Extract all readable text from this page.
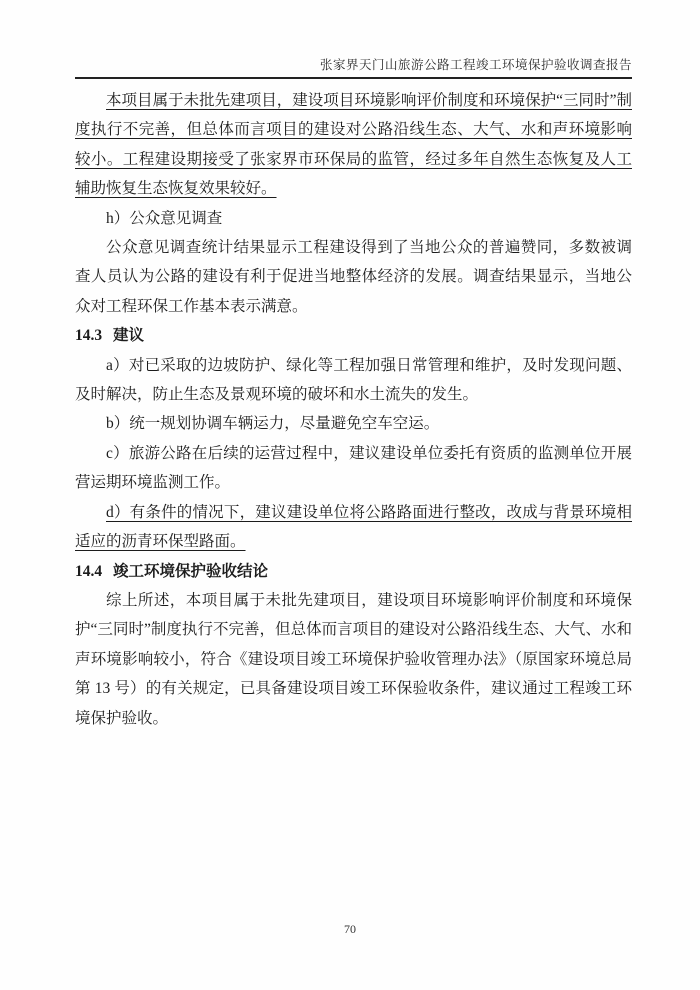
张家界天门山旅游公路工程竣工环境保护验收调查报告

本项目属于未批先建项目，建设项目环境影响评价制度和环境保护“三同时”制度执行不完善，但总体而言项目的建设对公路沿线生态、大气、水和声环境影响较小。工程建设期接受了张家界市环保局的监管，经过多年自然生态恢复及人工辅助恢复生态恢复效果较好。

h）公众意见调查

公众意见调查统计结果显示工程建设得到了当地公众的普遍赞同，多数被调查人员认为公路的建设有利于促进当地整体经济的发展。调查结果显示，当地公众对工程环保工作基本表示满意。

14.3 建议

a）对已采取的边坡防护、绿化等工程加强日常管理和维护，及时发现问题、及时解决，防止生态及景观环境的破坏和水土流失的发生。

b）统一规划协调车辆运力，尽量避免空车空运。

c）旅游公路在后续的运营过程中，建议建设单位委托有资质的监测单位开展营运期环境监测工作。

d）有条件的情况下，建议建设单位将公路路面进行整改，改成与背景环境相适应的沥青环保型路面。

14.4 竣工环境保护验收结论

综上所述，本项目属于未批先建项目，建设项目环境影响评价制度和环境保护“三同时”制度执行不完善，但总体而言项目的建设对公路沿线生态、大气、水和声环境影响较小，符合《建设项目竣工环境保护验收管理办法》（原国家环境总局第 13 号）的有关规定，已具备建设项目竣工环保验收条件，建议通过工程竣工环境保护验收。

70
